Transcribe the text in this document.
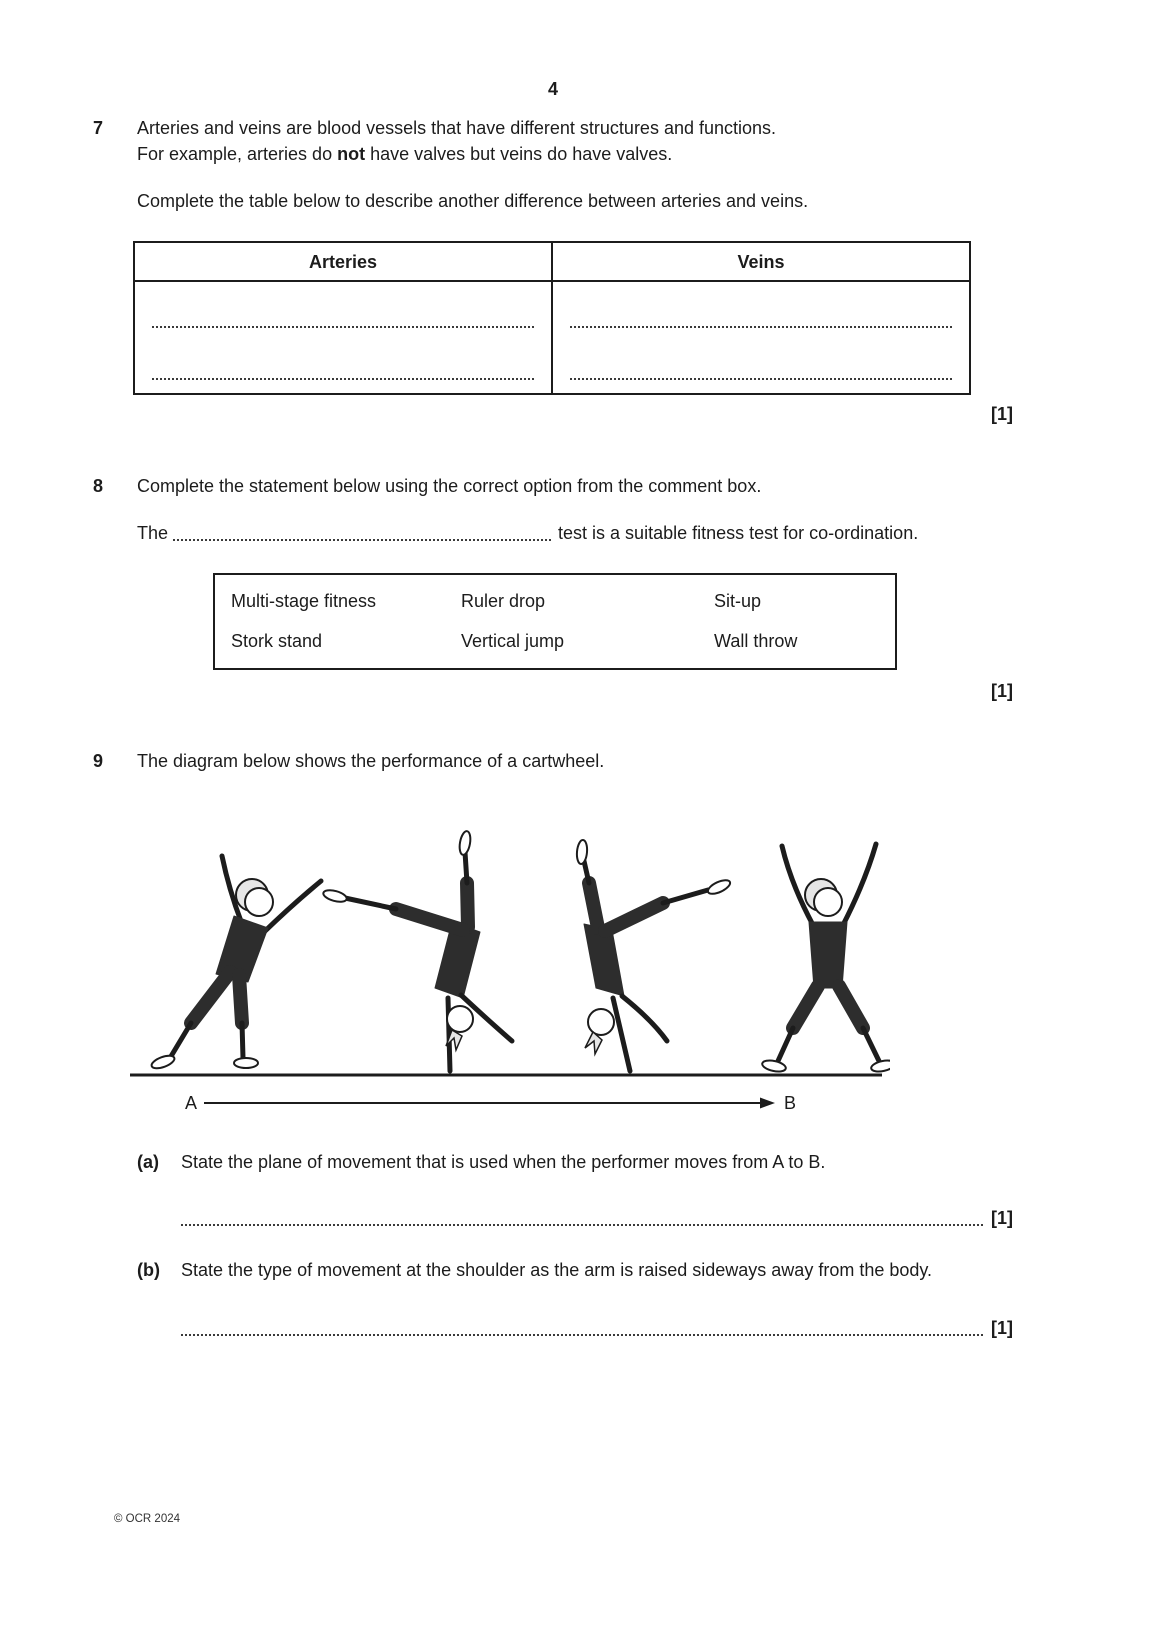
4
7	Arteries and veins are blood vessels that have different structures and functions.
For example, arteries do not have valves but veins do have valves.
Complete the table below to describe another difference between arteries and veins.
Arteries	Veins

[1]
8	Complete the statement below using the correct option from the comment box.
The	test is a suitable fitness test for co-ordination.
Multi-stage fitness	Ruler drop	Sit-up
Stork stand	Vertical jump	Wall throw
[1]
9	The diagram below shows the performance of a cartwheel.
A	B
(a)	State the plane of movement that is used when the performer moves from A to B.
[1]
(b)	State the type of movement at the shoulder as the arm is raised sideways away from the body.
[1]
© OCR 2024
